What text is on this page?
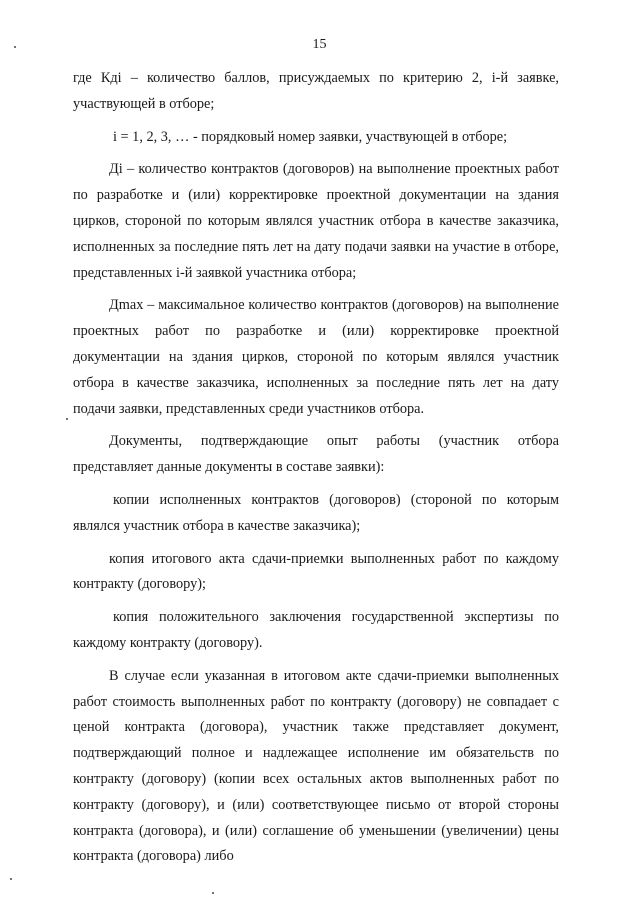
15

где Кдi – количество баллов, присуждаемых по критерию 2, i-й заявке, участвующей в отборе;

i = 1, 2, 3, … - порядковый номер заявки, участвующей в отборе;

Дi – количество контрактов (договоров) на выполнение проектных работ по разработке и (или) корректировке проектной документации на здания цирков, стороной по которым являлся участник отбора в качестве заказчика, исполненных за последние пять лет на дату подачи заявки на участие в отборе, представленных i-й заявкой участника отбора;

Дmax – максимальное количество контрактов (договоров) на выполнение проектных работ по разработке и (или) корректировке проектной документации на здания цирков, стороной по которым являлся участник отбора в качестве заказчика, исполненных за последние пять лет на дату подачи заявки, представленных среди участников отбора.

Документы, подтверждающие опыт работы (участник отбора представляет данные документы в составе заявки):

копии исполненных контрактов (договоров) (стороной по которым являлся участник отбора в качестве заказчика);

копия итогового акта сдачи-приемки выполненных работ по каждому контракту (договору);

копия положительного заключения государственной экспертизы по каждому контракту (договору).

В случае если указанная в итоговом акте сдачи-приемки выполненных работ стоимость выполненных работ по контракту (договору) не совпадает с ценой контракта (договора), участник также представляет документ, подтверждающий полное и надлежащее исполнение им обязательств по контракту (договору) (копии всех остальных актов выполненных работ по контракту (договору), и (или) соответствующее письмо от второй стороны контракта (договора), и (или) соглашение об уменьшении (увеличении) цены контракта (договора) либо
